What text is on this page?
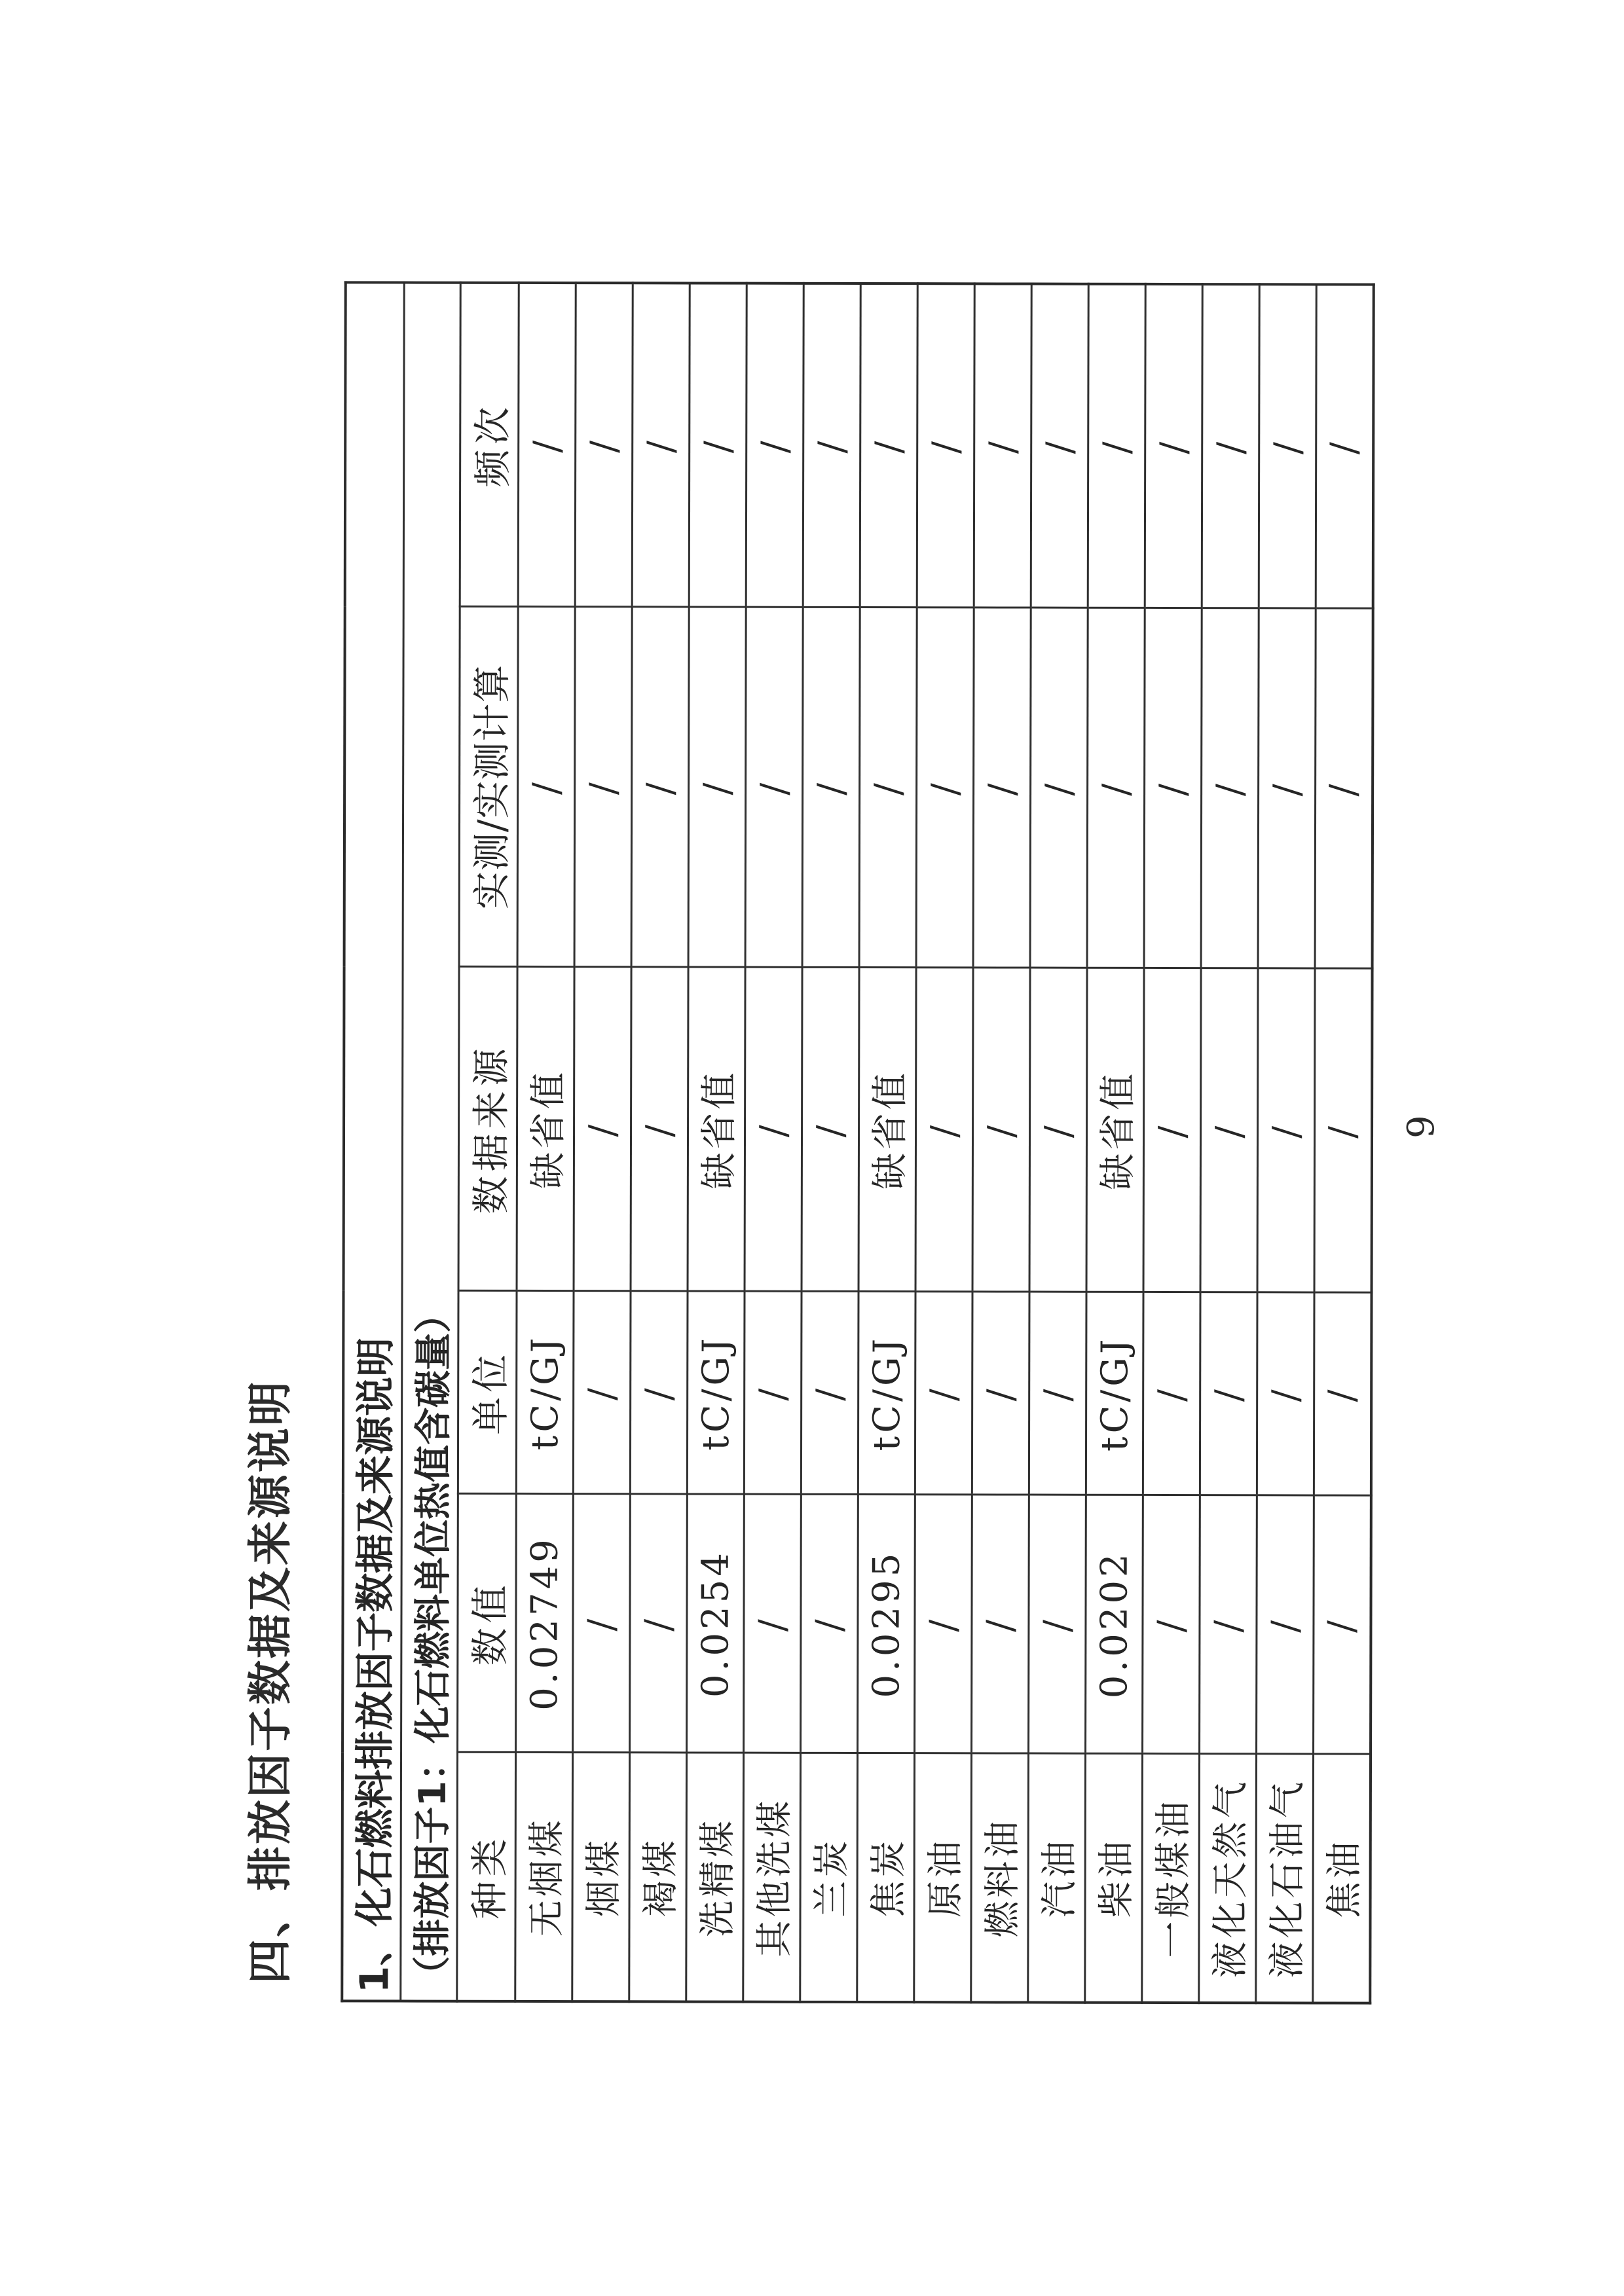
四、排放因子数据及来源说明 1、化石燃料排放因子数据及来源说明					
（排放因子1：化石燃料单位热值含碳量）					
种类	数值	单位	数据来源	实测/实测计算	频次
无烟煤	0.02749	tC/GJ	缺省值	/	/
烟煤	/	/	/	/	/
褐煤	/	/	/	/	/
洗精煤	0.0254	tC/GJ	缺省值	/	/
其他洗煤	/	/	/	/	/
兰炭	/	/	/	/	/
焦炭	0.0295	tC/GJ	缺省值	/	/
原油	/	/	/	/	/
燃料油	/	/	/	/	/
汽油	/	/	/	/	/
柴油	0.0202	tC/GJ	缺省值	/	/
一般煤油	/	/	/	/	/
液化天然气	/	/	/	/	/
液化石油气	/	/	/	/	/
焦油	/	/	/	/	/
9
